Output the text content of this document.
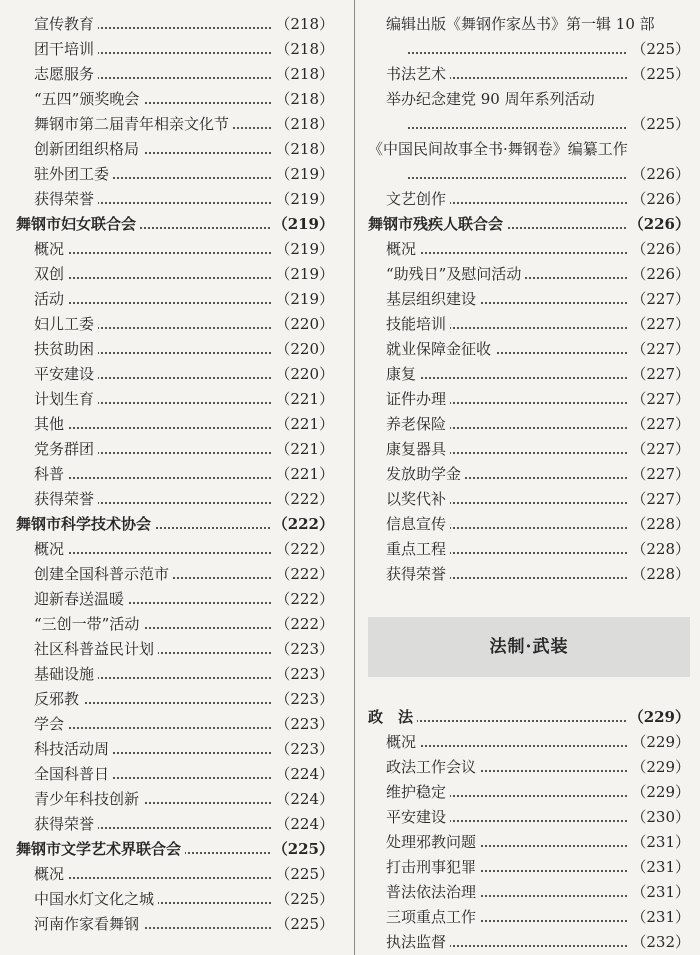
宣传教育	（218）
团干培训	（218）
志愿服务	（218）
“五四”颁奖晚会	（218）
舞钢市第二届青年相亲文化节	（218）
创新团组织格局	（218）
驻外团工委	（219）
获得荣誉	（219）
舞钢市妇女联合会	（219）
概况	（219）
双创	（219）
活动	（219）
妇儿工委	（220）
扶贫助困	（220）
平安建设	（220）
计划生育	（221）
其他	（221）
党务群团	（221）
科普	（221）
获得荣誉	（222）
舞钢市科学技术协会	（222）
概况	（222）
创建全国科普示范市	（222）
迎新春送温暖	（222）
“三创一带”活动	（222）
社区科普益民计划	（223）
基础设施	（223）
反邪教	（223）
学会	（223）
科技活动周	（223）
全国科普日	（224）
青少年科技创新	（224）
获得荣誉	（224）
舞钢市文学艺术界联合会	（225）
概况	（225）
中国水灯文化之城	（225）
河南作家看舞钢	（225）
编辑出版《舞钢作家丛书》第一辑 10 部
（225）
书法艺术	（225）
举办纪念建党 90 周年系列活动
（225）
《中国民间故事全书·舞钢卷》编纂工作
（226）
文艺创作	（226）
舞钢市残疾人联合会	（226）
概况	（226）
“助残日”及慰问活动	（226）
基层组织建设	（227）
技能培训	（227）
就业保障金征收	（227）
康复	（227）
证件办理	（227）
养老保险	（227）
康复器具	（227）
发放助学金	（227）
以奖代补	（227）
信息宣传	（228）
重点工程	（228）
获得荣誉	（228）
法制·武装
政　法	（229）
概况	（229）
政法工作会议	（229）
维护稳定	（229）
平安建设	（230）
处理邪教问题	（231）
打击刑事犯罪	（231）
普法依法治理	（231）
三项重点工作	（231）
执法监督	（232）
